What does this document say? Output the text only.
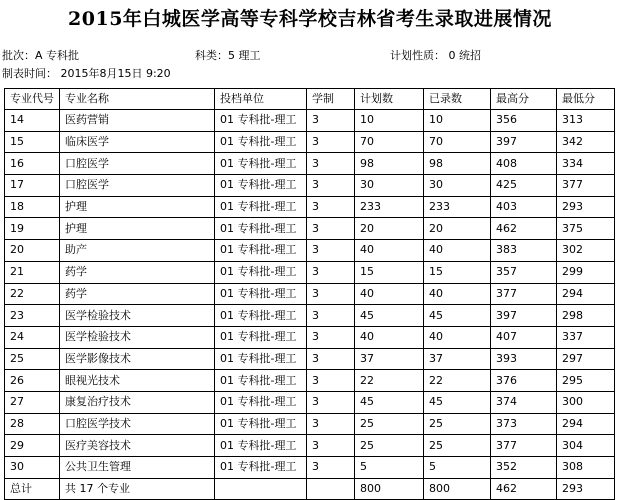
2015年白城医学高等专科学校吉林省考生录取进展情况
批次：A 专科批	科类：5 理工	计划性质： 0 统招
制表时间： 2015年8月15日 9:20
专业代号	专业名称	投档单位	学制	计划数	已录数	最高分	最低分
14	医药营销	01 专科批-理工	3	10	10	356	313
15	临床医学	01 专科批-理工	3	70	70	397	342
16	口腔医学	01 专科批-理工	3	98	98	408	334
17	口腔医学	01 专科批-理工	3	30	30	425	377
18	护理	01 专科批-理工	3	233	233	403	293
19	护理	01 专科批-理工	3	20	20	462	375
20	助产	01 专科批-理工	3	40	40	383	302
21	药学	01 专科批-理工	3	15	15	357	299
22	药学	01 专科批-理工	3	40	40	377	294
23	医学检验技术	01 专科批-理工	3	45	45	397	298
24	医学检验技术	01 专科批-理工	3	40	40	407	337
25	医学影像技术	01 专科批-理工	3	37	37	393	297
26	眼视光技术	01 专科批-理工	3	22	22	376	295
27	康复治疗技术	01 专科批-理工	3	45	45	374	300
28	口腔医学技术	01 专科批-理工	3	25	25	373	294
29	医疗美容技术	01 专科批-理工	3	25	25	377	304
30	公共卫生管理	01 专科批-理工	3	5	5	352	308
总计	共 17 个专业			800	800	462	293
